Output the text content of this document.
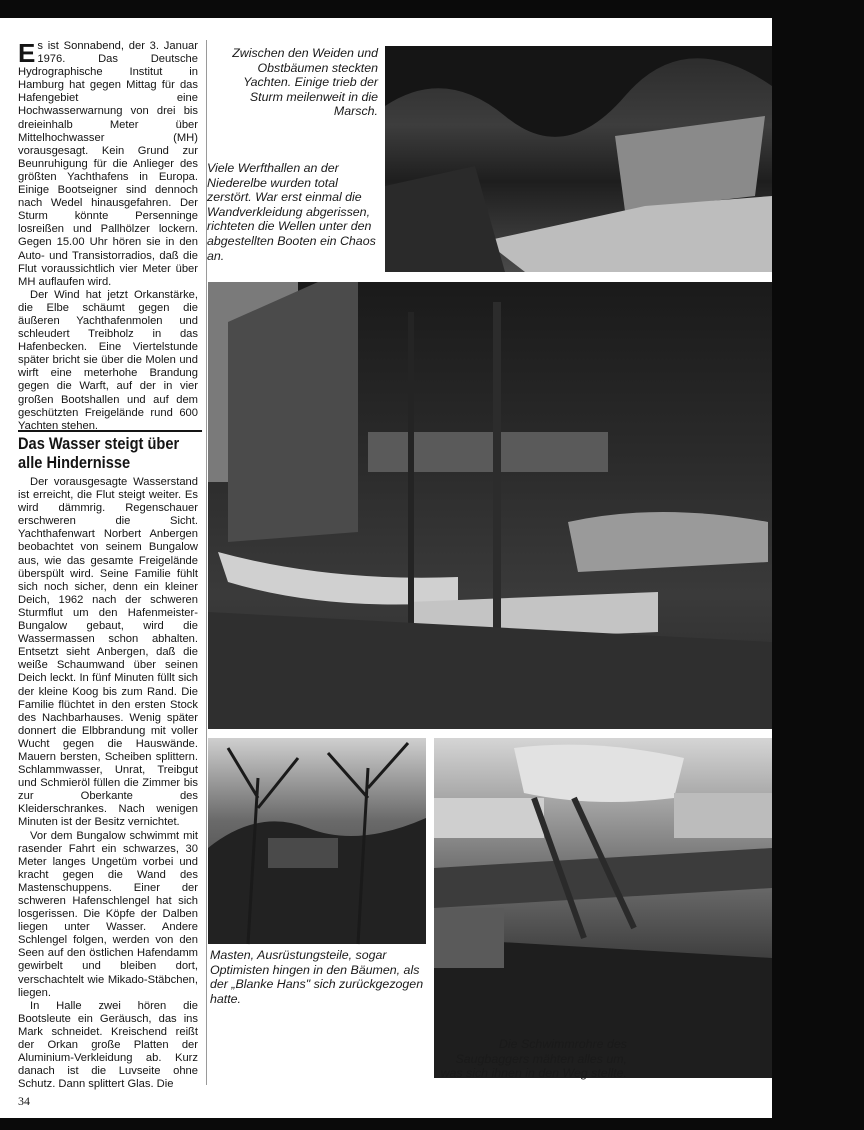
Es ist Sonnabend, der 3. Januar 1976. Das Deutsche Hydrographische Institut in Hamburg hat gegen Mittag für das Hafengebiet eine Hochwasserwarnung von drei bis dreieinhalb Meter über Mittelhochwasser (MH) vorausgesagt. Kein Grund zur Beunruhigung für die Anlieger des größten Yachthafens in Europa. Einige Bootseigner sind dennoch nach Wedel hinausgefahren. Der Sturm könnte Persenninge losreißen und Pallhölzer lockern. Gegen 15.00 Uhr hören sie in den Auto- und Transistorradios, daß die Flut voraussichtlich vier Meter über MH auflaufen wird.

Der Wind hat jetzt Orkanstärke, die Elbe schäumt gegen die äußeren Yachthafenmolen und schleudert Treibholz in das Hafenbecken. Eine Viertelstunde später bricht sie über die Molen und wirft eine meterhohe Brandung gegen die Warft, auf der in vier großen Bootshallen und auf dem geschützten Freigelände rund 600 Yachten stehen.

Das Wasser steigt über alle Hindernisse

Der vorausgesagte Wasserstand ist erreicht, die Flut steigt weiter. Es wird dämmrig. Regenschauer erschweren die Sicht. Yachthafenwart Norbert Anbergen beobachtet von seinem Bungalow aus, wie das gesamte Freigelände überspült wird. Seine Familie fühlt sich noch sicher, denn ein kleiner Deich, 1962 nach der schweren Sturmflut um den Hafenmeister-Bungalow gebaut, wird die Wassermassen schon abhalten. Entsetzt sieht Anbergen, daß die weiße Schaumwand über seinen Deich leckt. In fünf Minuten füllt sich der kleine Koog bis zum Rand. Die Familie flüchtet in den ersten Stock des Nachbarhauses. Wenig später donnert die Elbbrandung mit voller Wucht gegen die Hauswände. Mauern bersten, Scheiben splittern. Schlammwasser, Unrat, Treibgut und Schmieröl füllen die Zimmer bis zur Oberkante des Kleiderschrankes. Nach wenigen Minuten ist der Besitz vernichtet.

Vor dem Bungalow schwimmt mit rasender Fahrt ein schwarzes, 30 Meter langes Ungetüm vorbei und kracht gegen die Wand des Mastenschuppens. Einer der schweren Hafenschlengel hat sich losgerissen. Die Köpfe der Dalben liegen unter Wasser. Andere Schlengel folgen, werden von den Seen auf den östlichen Hafendamm gewirbelt und bleiben dort, verschachtelt wie Mikado-Stäbchen, liegen.

In Halle zwei hören die Bootsleute ein Geräusch, das ins Mark schneidet. Kreischend reißt der Orkan große Platten der Aluminium-Verkleidung ab. Kurz danach ist die Luvseite ohne Schutz. Dann splittert Glas. Die

Zwischen den Weiden und Obstbäumen steckten Yachten. Einige trieb der Sturm meilenweit in die Marsch.
Viele Werfthallen an der Niederelbe wurden total zerstört. War erst einmal die Wandverkleidung abgerissen, richteten die Wellen unter den abgestellten Booten ein Chaos an.
Masten, Ausrüstungsteile, sogar Optimisten hingen in den Bäumen, als der „Blanke Hans" sich zurückgezogen hatte.
Die Schwimmrohre des Saugbaggers mähten alles um, was sich ihnen in den Weg stellte.
34
